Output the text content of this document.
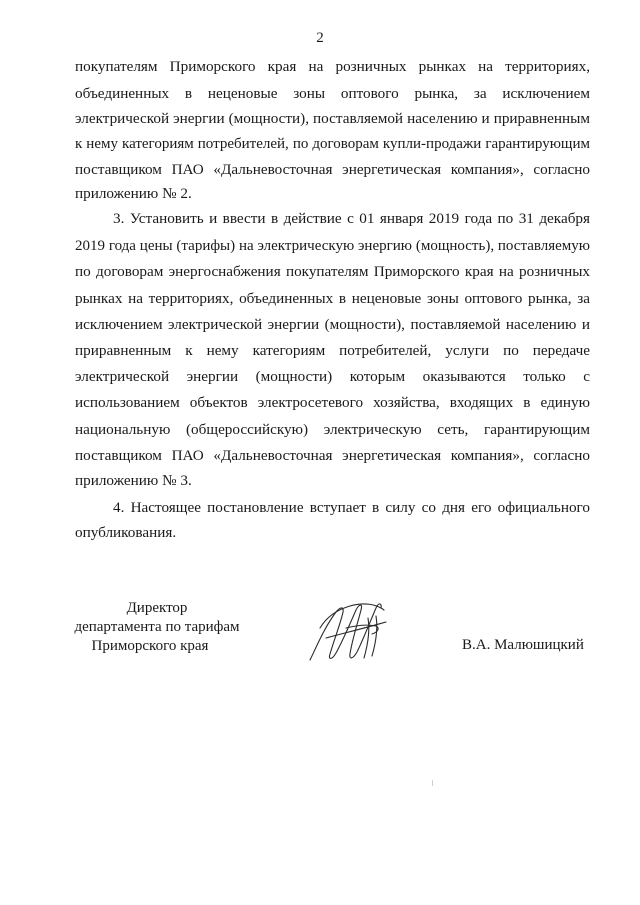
2
покупателям Приморского края на розничных рынках на территориях,
объединенных в неценовые зоны оптового рынка, за исключением
электрической энергии (мощности), поставляемой населению и приравненным
к нему категориям потребителей, по договорам купли-продажи гарантирующим
поставщиком ПАО «Дальневосточная энергетическая компания», согласно
приложению № 2.
3. Установить и ввести в действие с 01 января 2019 года по 31 декабря
2019 года цены (тарифы) на электрическую энергию (мощность), поставляемую
по договорам энергоснабжения покупателям Приморского края на розничных
рынках на территориях, объединенных в неценовые зоны оптового рынка, за
исключением электрической энергии (мощности), поставляемой населению и
приравненным к нему категориям потребителей, услуги по передаче
электрической энергии (мощности) которым оказываются только с
использованием объектов электросетевого хозяйства, входящих в единую
национальную (общероссийскую) электрическую сеть, гарантирующим
поставщиком ПАО «Дальневосточная энергетическая компания», согласно
приложению № 3.
4. Настоящее постановление вступает в силу со дня его официального
опубликования.
Директор
департамента по тарифам
Приморского края	В.А. Малюшицкий
